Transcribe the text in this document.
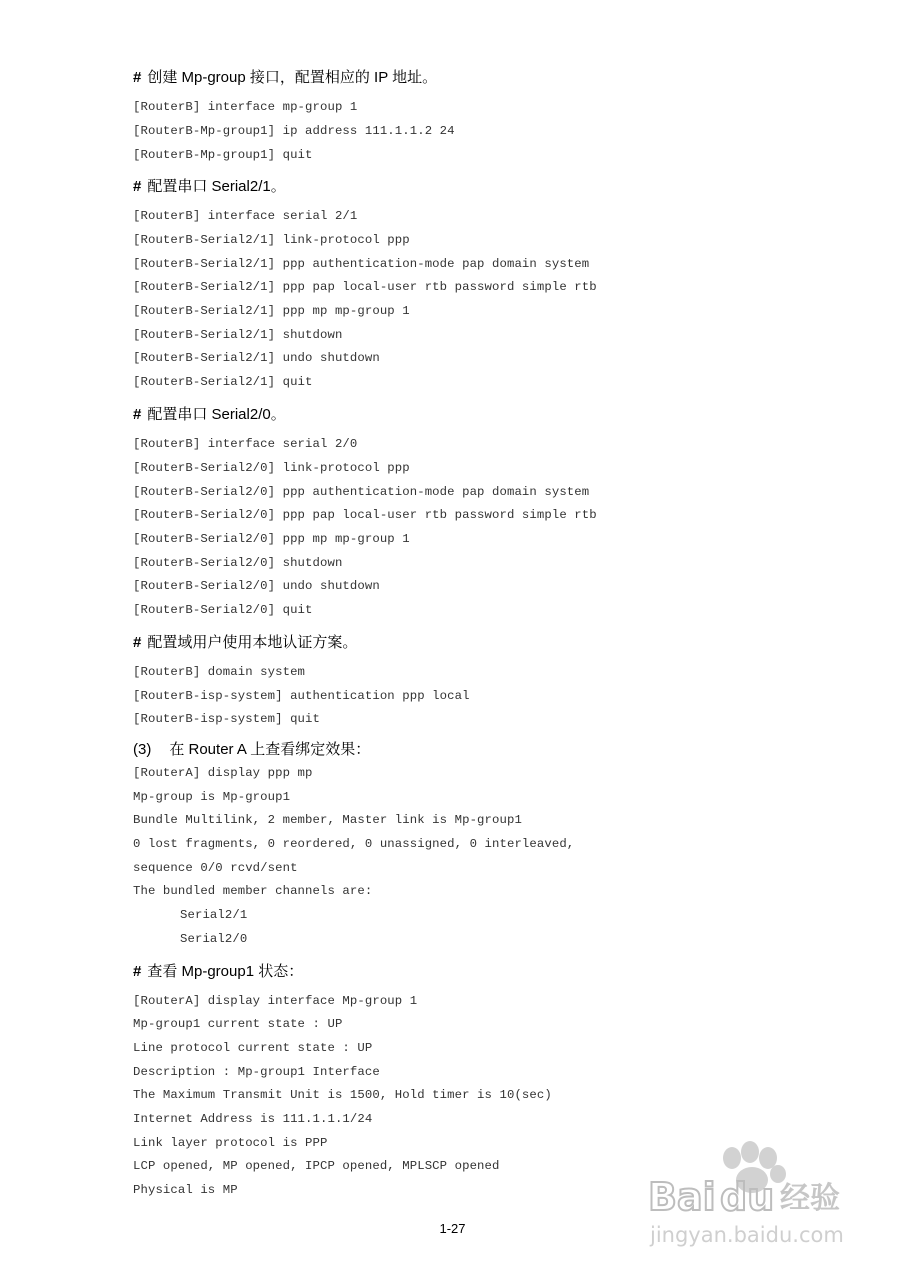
# 创建 Mp-group 接口，配置相应的 IP 地址。
[RouterB] interface mp-group 1
[RouterB-Mp-group1] ip address 111.1.1.2 24
[RouterB-Mp-group1] quit
# 配置串口 Serial2/1。
[RouterB] interface serial 2/1
[RouterB-Serial2/1] link-protocol ppp
[RouterB-Serial2/1] ppp authentication-mode pap domain system
[RouterB-Serial2/1] ppp pap local-user rtb password simple rtb
[RouterB-Serial2/1] ppp mp mp-group 1
[RouterB-Serial2/1] shutdown
[RouterB-Serial2/1] undo shutdown
[RouterB-Serial2/1] quit
# 配置串口 Serial2/0。
[RouterB] interface serial 2/0
[RouterB-Serial2/0] link-protocol ppp
[RouterB-Serial2/0] ppp authentication-mode pap domain system
[RouterB-Serial2/0] ppp pap local-user rtb password simple rtb
[RouterB-Serial2/0] ppp mp mp-group 1
[RouterB-Serial2/0] shutdown
[RouterB-Serial2/0] undo shutdown
[RouterB-Serial2/0] quit
# 配置域用户使用本地认证方案。
[RouterB] domain system
[RouterB-isp-system] authentication ppp local
[RouterB-isp-system] quit
(3) 在 Router A 上查看绑定效果：
[RouterA] display ppp mp
Mp-group is Mp-group1
Bundle Multilink, 2 member, Master link is Mp-group1
0 lost fragments, 0 reordered, 0 unassigned, 0 interleaved,
sequence 0/0 rcvd/sent
The bundled member channels are:
Serial2/1
Serial2/0
# 查看 Mp-group1 状态：
[RouterA] display interface Mp-group 1
Mp-group1 current state : UP
Line protocol current state : UP
Description : Mp-group1 Interface
The Maximum Transmit Unit is 1500, Hold timer is 10(sec)
Internet Address is 111.1.1.1/24
Link layer protocol is PPP
LCP opened, MP opened, IPCP opened, MPLSCP opened
Physical is MP
1-27
Bai du 经验
jingyan.baidu.com
